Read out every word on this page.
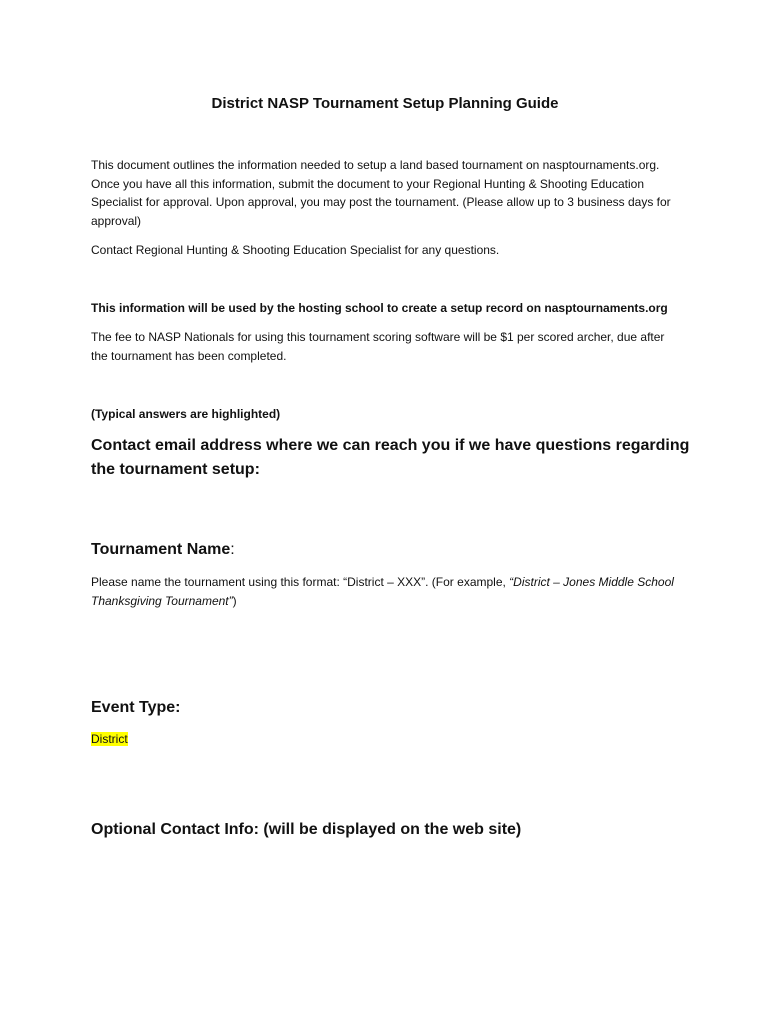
District NASP Tournament Setup Planning Guide
This document outlines the information needed to setup a land based tournament on nasptournaments.org. Once you have all this information, submit the document to your Regional Hunting & Shooting Education Specialist for approval. Upon approval, you may post the tournament. (Please allow up to 3 business days for approval)
Contact Regional Hunting & Shooting Education Specialist for any questions.
This information will be used by the hosting school to create a setup record on nasptournaments.org
The fee to NASP Nationals for using this tournament scoring software will be $1 per scored archer, due after the tournament has been completed.
(Typical answers are highlighted)
Contact email address where we can reach you if we have questions regarding the tournament setup:
Tournament Name:
Please name the tournament using this format: “District – XXX”. (For example, “District – Jones Middle School Thanksgiving Tournament”)
Event Type:
District
Optional Contact Info: (will be displayed on the web site)
